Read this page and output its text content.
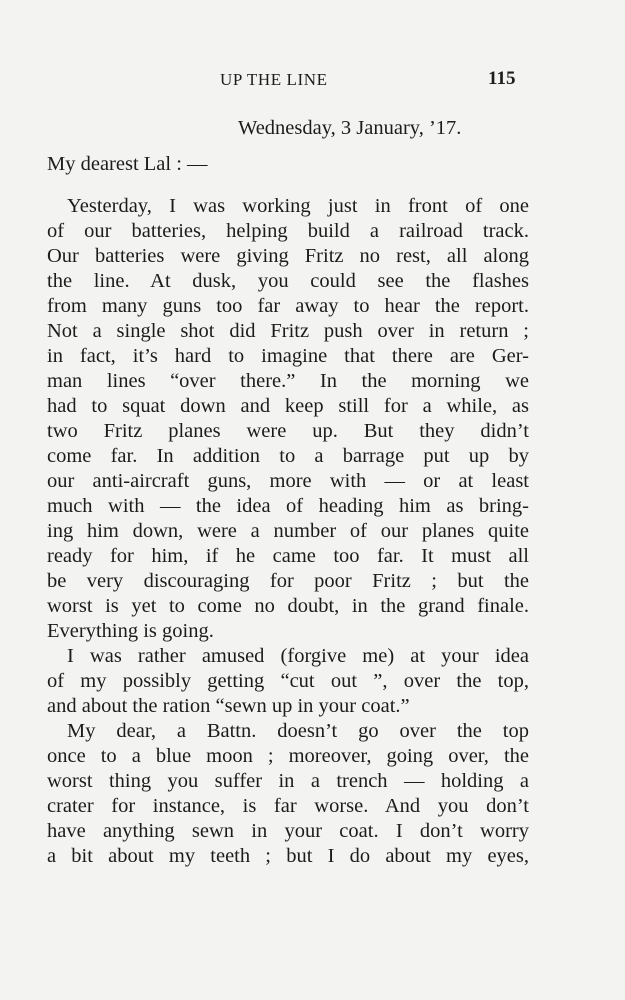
UP THE LINE	115
Wednesday, 3 January, ’17.
My dearest Lal : —
Yesterday, I was working just in front of one
of our batteries, helping build a railroad track.
Our batteries were giving Fritz no rest, all along
the line. At dusk, you could see the flashes
from many guns too far away to hear the report.
Not a single shot did Fritz push over in return ;
in fact, it’s hard to imagine that there are Ger-
man lines “over there.” In the morning we
had to squat down and keep still for a while, as
two Fritz planes were up. But they didn’t
come far. In addition to a barrage put up by
our anti-aircraft guns, more with — or at least
much with — the idea of heading him as bring-
ing him down, were a number of our planes quite
ready for him, if he came too far. It must all
be very discouraging for poor Fritz ; but the
worst is yet to come no doubt, in the grand finale.
Everything is going.
I was rather amused (forgive me) at your idea
of my possibly getting “cut out ”, over the top,
and about the ration “sewn up in your coat.”
My dear, a Battn. doesn’t go over the top
once to a blue moon ; moreover, going over, the
worst thing you suffer in a trench — holding a
crater for instance, is far worse. And you don’t
have anything sewn in your coat. I don’t worry
a bit about my teeth ; but I do about my eyes,
